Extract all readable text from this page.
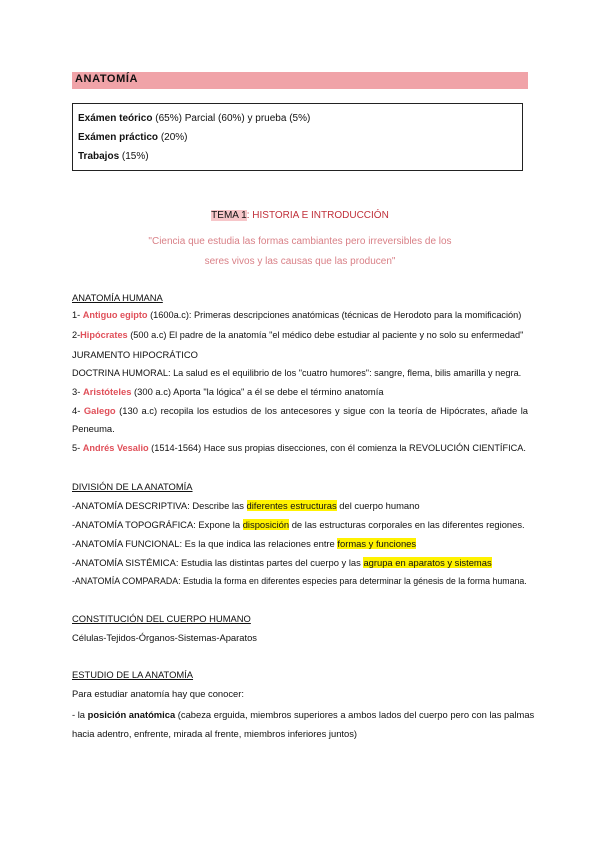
ANATOMÍA
Exámen teórico (65%) Parcial (60%) y prueba (5%)
Exámen práctico (20%)
Trabajos (15%)
TEMA 1: HISTORIA E INTRODUCCIÓN
"Ciencia que estudia las formas cambiantes pero irreversibles de los
seres vivos y las causas que las producen"
ANATOMÍA HUMANA
1- Antiguo egipto (1600a.c): Primeras descripciones anatómicas (técnicas de Herodoto para la momificación)
2-Hipócrates (500 a.c) El padre de la anatomía "el médico debe estudiar al paciente y no solo su enfermedad"
JURAMENTO HIPOCRÁTICO
DOCTRINA HUMORAL: La salud es el equilibrio de los "cuatro humores": sangre, flema, bilis amarilla y negra.
3- Aristóteles (300 a.c) Aporta "la lógica" a él se debe el término anatomía
4- Galego (130 a.c) recopila los estudios de los antecesores y sigue con la teoría de Hipócrates, añade la
Peneuma.
5- Andrés Vesalio (1514-1564) Hace sus propias disecciones, con él comienza la REVOLUCIÓN CIENTÍFICA.
DIVISIÓN DE LA ANATOMÍA
-ANATOMÍA DESCRIPTIVA: Describe las diferentes estructuras del cuerpo humano
-ANATOMÍA TOPOGRÁFICA: Expone la disposición de las estructuras corporales en las diferentes regiones.
-ANATOMÍA FUNCIONAL: Es la que indica las relaciones entre formas y funciones
-ANATOMÍA SISTÉMICA: Estudia las distintas partes del cuerpo y las agrupa en aparatos y sistemas
-ANATOMÍA COMPARADA: Estudia la forma en diferentes especies para determinar la génesis de la forma humana.
CONSTITUCIÓN DEL CUERPO HUMANO
Células-Tejidos-Órganos-Sistemas-Aparatos
ESTUDIO DE LA ANATOMÍA
Para estudiar anatomía hay que conocer:
- la posición anatómica (cabeza erguida, miembros superiores a ambos lados del cuerpo pero con las palmas
hacia adentro, enfrente, mirada al frente, miembros inferiores juntos)
